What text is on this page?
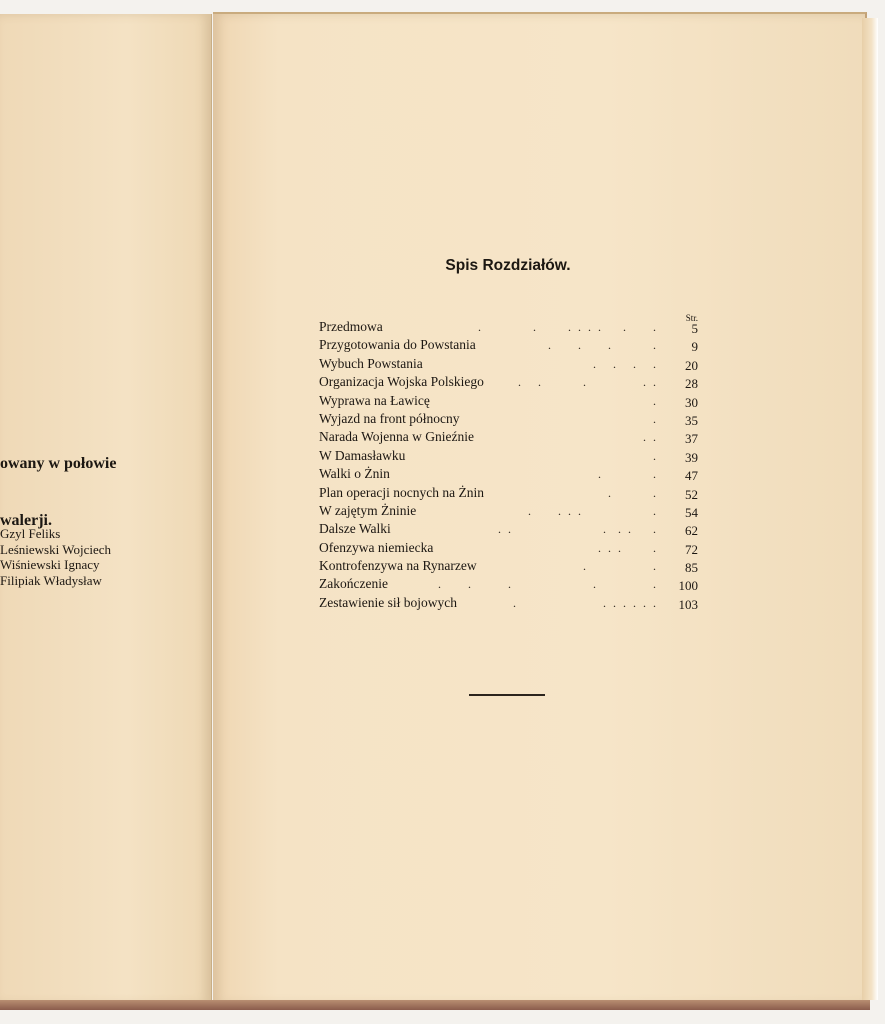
owany w połowie

walerji.

Gzyl Feliks
Leśniewski Wojciech
Wiśniewski Ignacy
Filipiak Władysław
Spis Rozdziałów.
Str.
Przedmowa	.          .      . . . .    .     .	5
Przygotowania do Powstania	.     .     .        .	9
Wybuch Powstania	.   .   .   . 20
Organizacja Wojska Polskiego	.   .        .           . . 28
Wyprawa na Ławicę	. 30
Wyjazd na front północny	. 35
Narada Wojenna w Gnieźnie	. . 37
W Damasławku	. 39
Walki o Żnin	.          . 47
Plan operacji nocnych na Żnin	.        . 52
W zajętym Żninie	.     . . .              . 54
Dalsze Walki	. .                  .  . .    . 62
Ofenzywa niemiecka	. . .      . 72
Kontrofenzywa na Rynarzew	.             . 85
Zakończenie	.     .       .                .           . 100
Zestawienie sił bojowych	.                 . . . . . . 103
